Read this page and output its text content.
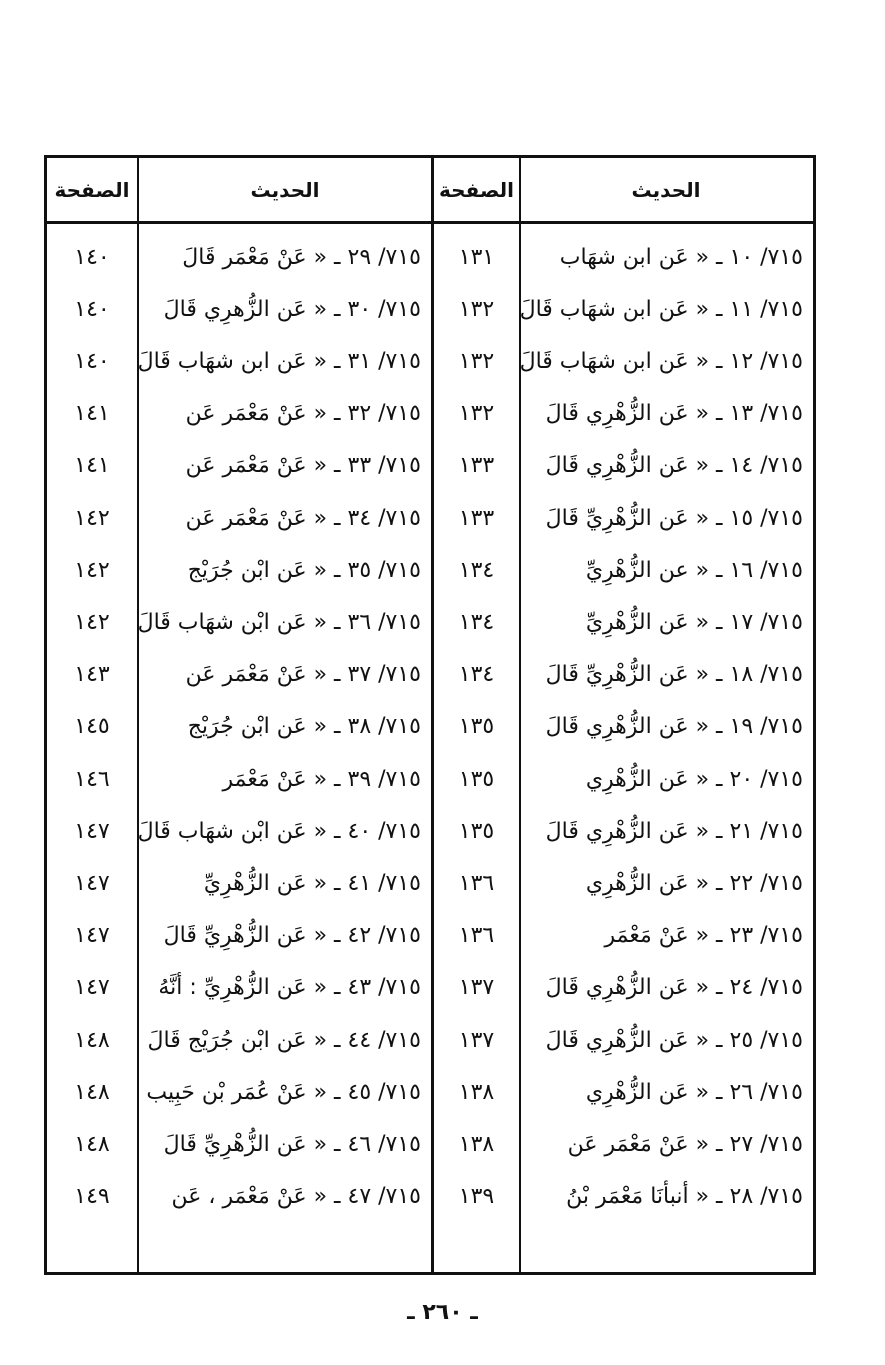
الحديث
الصفحة
الحديث
الصفحة
٧١٥/ ١٠ ـ « عَن ابن شهَاب
١٣١
٧١٥/ ٢٩ ـ « عَنْ مَعْمَر قَالَ
١٤٠
٧١٥/ ١١ ـ « عَن ابن شهَاب قَالَ
١٣٢
٧١٥/ ٣٠ ـ « عَن الزُّهرِي قَالَ
١٤٠
٧١٥/ ١٢ ـ « عَن ابن شهَاب قَالَ
١٣٢
٧١٥/ ٣١ ـ « عَن ابن شهَاب قَالَ
١٤٠
٧١٥/ ١٣ ـ « عَن الزُّهْرِي قَالَ
١٣٢
٧١٥/ ٣٢ ـ « عَنْ مَعْمَر عَن
١٤١
٧١٥/ ١٤ ـ « عَن الزُّهْرِي قَالَ
١٣٣
٧١٥/ ٣٣ ـ « عَنْ مَعْمَر عَن
١٤١
٧١٥/ ١٥ ـ « عَن الزُّهْرِيِّ قَالَ
١٣٣
٧١٥/ ٣٤ ـ « عَنْ مَعْمَر عَن
١٤٢
٧١٥/ ١٦ ـ « عن الزُّهْرِيِّ
١٣٤
٧١٥/ ٣٥ ـ « عَن ابْن جُرَيْج
١٤٢
٧١٥/ ١٧ ـ « عَن الزُّهْرِيِّ
١٣٤
٧١٥/ ٣٦ ـ « عَن ابْن شهَاب قَالَ
١٤٢
٧١٥/ ١٨ ـ « عَن الزُّهْرِيِّ قَالَ
١٣٤
٧١٥/ ٣٧ ـ « عَنْ مَعْمَر عَن
١٤٣
٧١٥/ ١٩ ـ « عَن الزُّهْرِي قَالَ
١٣٥
٧١٥/ ٣٨ ـ « عَن ابْن جُرَيْج
١٤٥
٧١٥/ ٢٠ ـ « عَن الزُّهْرِي
١٣٥
٧١٥/ ٣٩ ـ « عَنْ مَعْمَر
١٤٦
٧١٥/ ٢١ ـ « عَن الزُّهْرِي قَالَ
١٣٥
٧١٥/ ٤٠ ـ « عَن ابْن شهَاب قَالَ
١٤٧
٧١٥/ ٢٢ ـ « عَن الزُّهْرِي
١٣٦
٧١٥/ ٤١ ـ « عَن الزُّهْرِيِّ
١٤٧
٧١٥/ ٢٣ ـ « عَنْ مَعْمَر
١٣٦
٧١٥/ ٤٢ ـ « عَن الزُّهْرِيِّ قَالَ
١٤٧
٧١٥/ ٢٤ ـ « عَن الزُّهْرِي قَالَ
١٣٧
٧١٥/ ٤٣ ـ « عَن الزُّهْرِيِّ : أنَّهُ
١٤٧
٧١٥/ ٢٥ ـ « عَن الزُّهْرِي قَالَ
١٣٧
٧١٥/ ٤٤ ـ « عَن ابْن جُرَيْج قَالَ
١٤٨
٧١٥/ ٢٦ ـ « عَن الزُّهْرِي
١٣٨
٧١٥/ ٤٥ ـ « عَنْ عُمَر بْن حَبِيب
١٤٨
٧١٥/ ٢٧ ـ « عَنْ مَعْمَر عَن
١٣٨
٧١٥/ ٤٦ ـ « عَن الزُّهْرِيِّ قَالَ
١٤٨
٧١٥/ ٢٨ ـ « أنبأنَا مَعْمَر بْنُ
١٣٩
٧١٥/ ٤٧ ـ « عَنْ مَعْمَر ، عَن
١٤٩
ـ ٢٦٠ ـ
